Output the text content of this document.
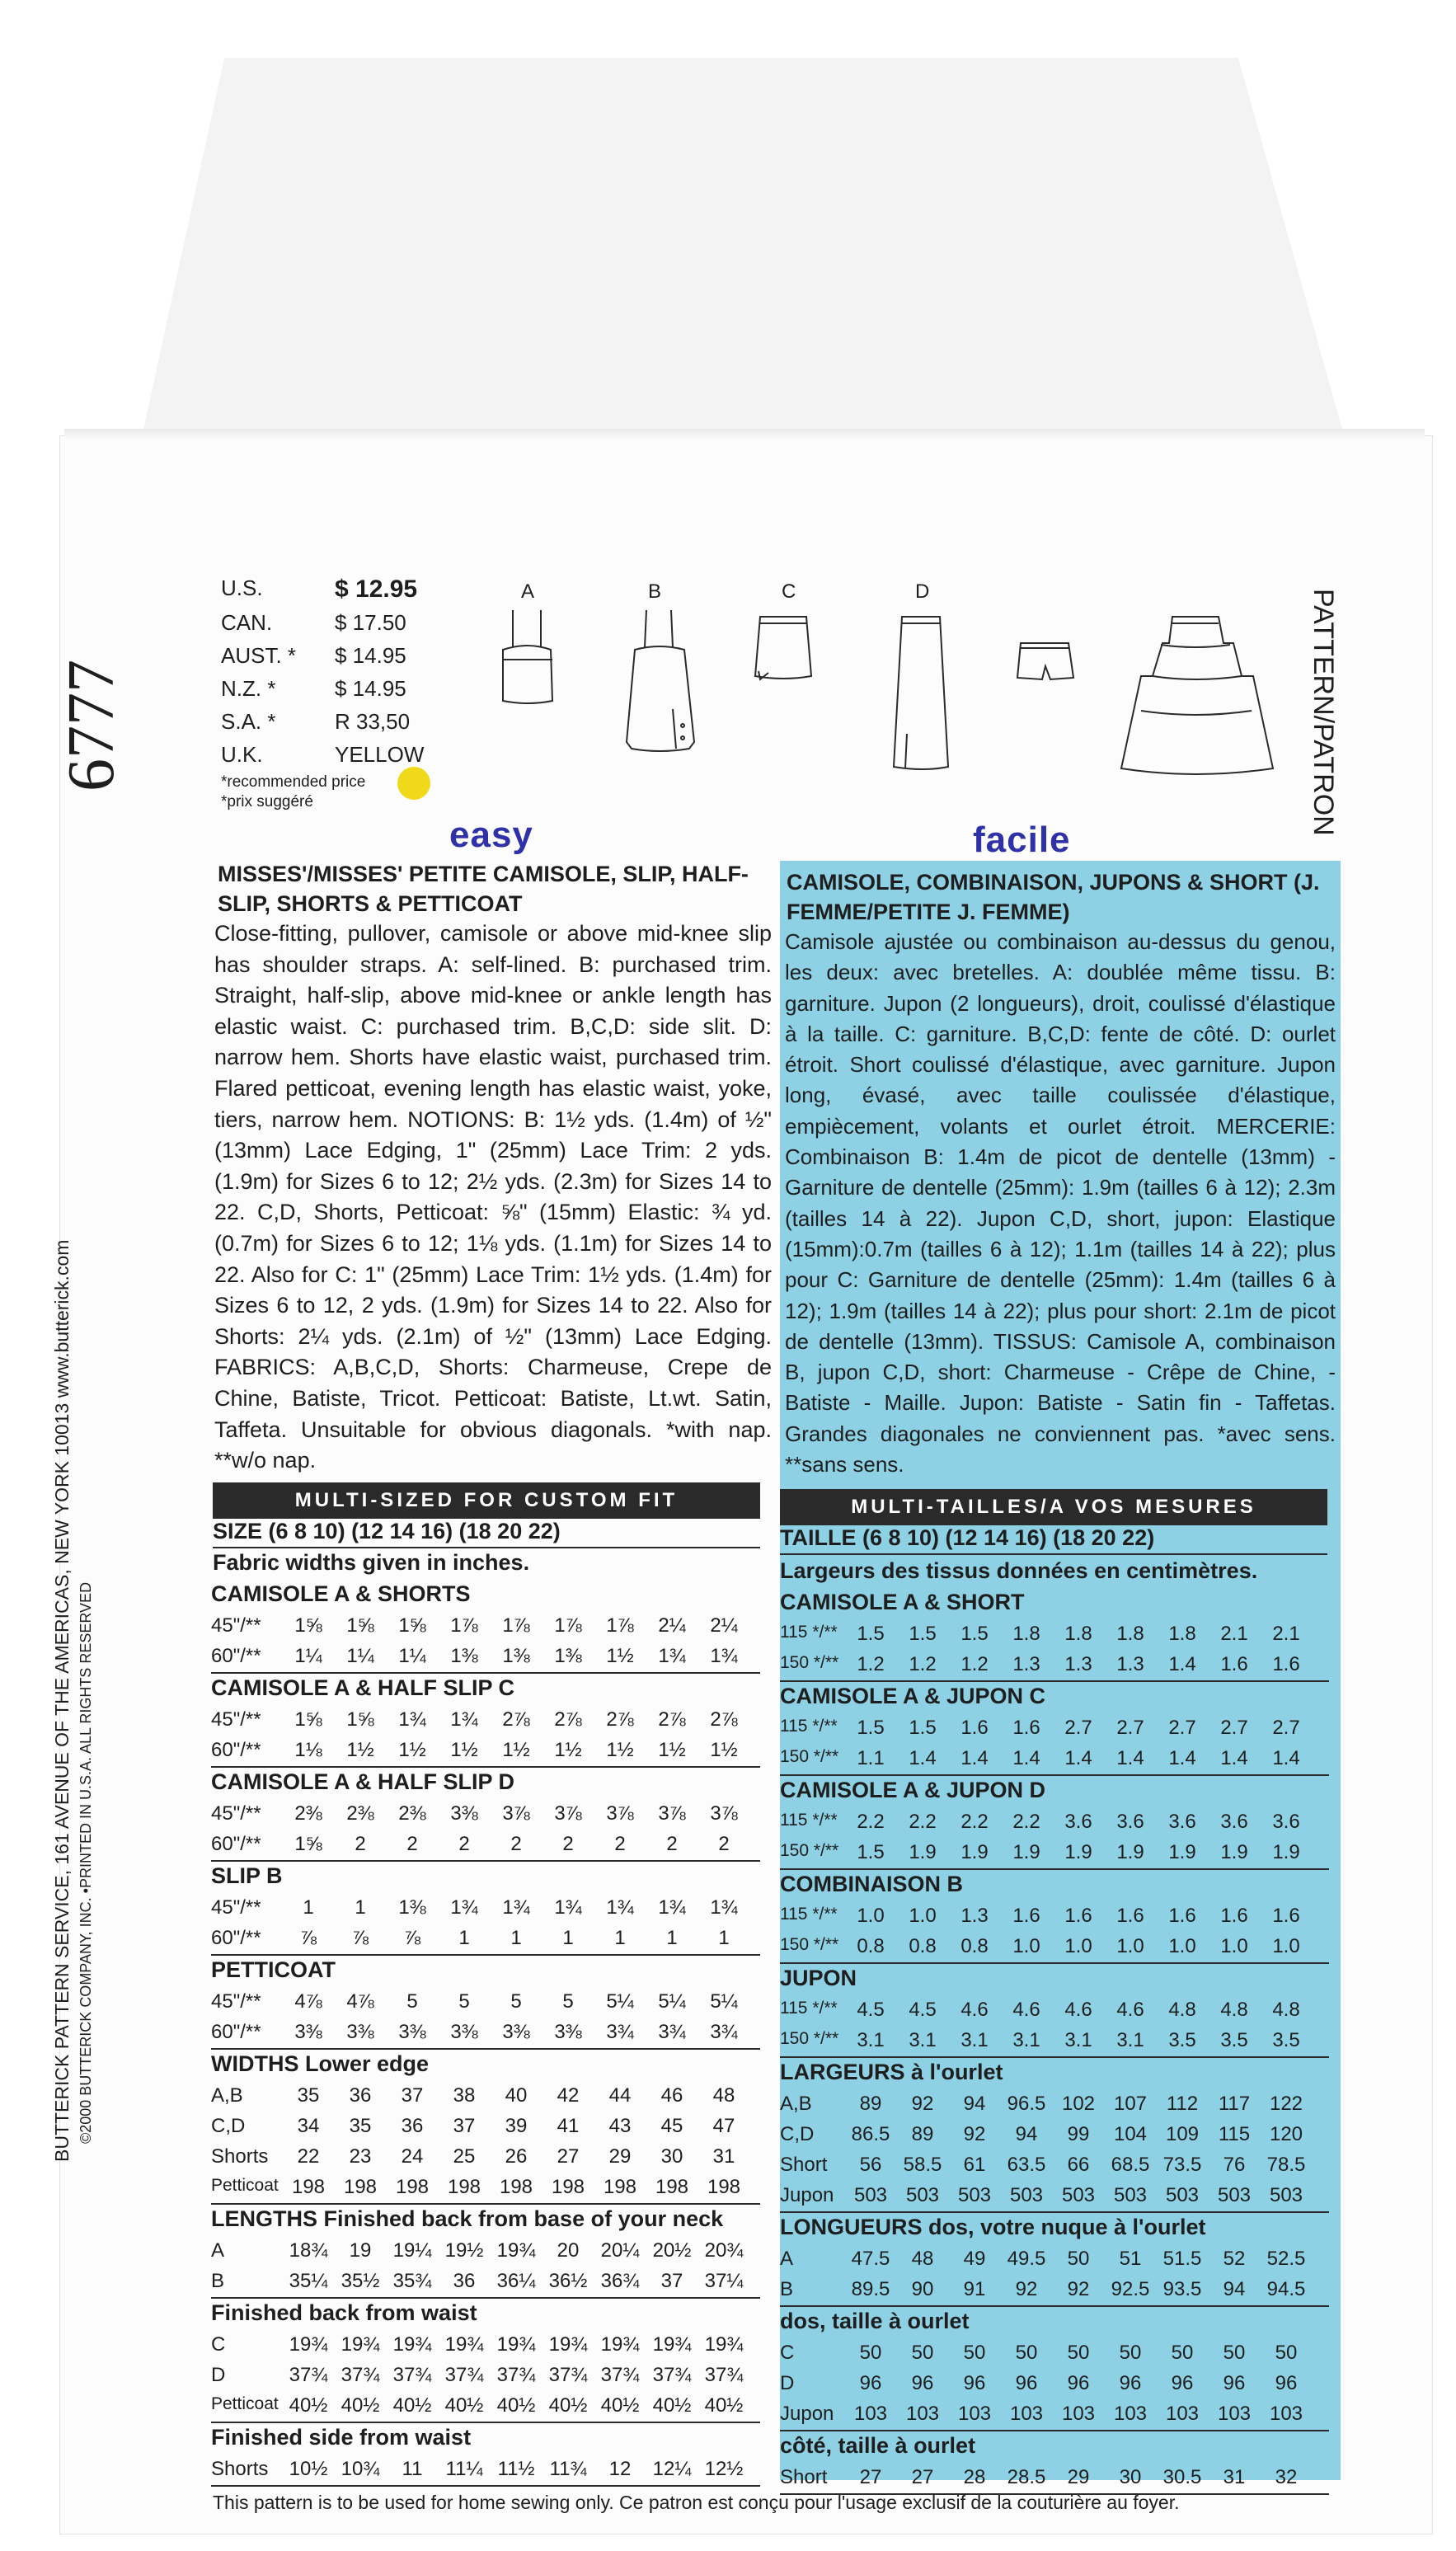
6777
BUTTERICK PATTERN SERVICE, 161 AVENUE OF THE AMERICAS, NEW YORK 10013 www.butterick.com ©2000 BUTTERICK COMPANY, INC. •PRINTED IN U.S.A. ALL RIGHTS RESERVED
PATTERN/PATRON
U.S.	$ 12.95
CAN.	$ 17.50
AUST. * $ 14.95
N.Z. *	$ 14.95
S.A. *	R 33,50
U.K.	YELLOW
*recommended price
*prix suggéré
A	B	C	D
easy	facile
MISSES'/MISSES' PETITE CAMISOLE, SLIP, HALF-SLIP, SHORTS & PETTICOAT
Close-fitting, pullover, camisole or above mid-knee slip has shoulder straps. A: self-lined. B: purchased trim. Straight, half-slip, above mid-knee or ankle length has elastic waist. C: purchased trim. B,C,D: side slit. D: narrow hem. Shorts have elastic waist, purchased trim. Flared petticoat, evening length has elastic waist, yoke, tiers, narrow hem. NOTIONS: B: 1½ yds. (1.4m) of ½" (13mm) Lace Edging, 1" (25mm) Lace Trim: 2 yds. (1.9m) for Sizes 6 to 12; 2½ yds. (2.3m) for Sizes 14 to 22. C,D, Shorts, Petticoat: ⅝" (15mm) Elastic: ¾ yd. (0.7m) for Sizes 6 to 12; 1⅛ yds. (1.1m) for Sizes 14 to 22. Also for C: 1" (25mm) Lace Trim: 1½ yds. (1.4m) for Sizes 6 to 12, 2 yds. (1.9m) for Sizes 14 to 22. Also for Shorts: 2¼ yds. (2.1m) of ½" (13mm) Lace Edging. FABRICS: A,B,C,D, Shorts: Charmeuse, Crepe de Chine, Batiste, Tricot. Petticoat: Batiste, Lt.wt. Satin, Taffeta. Unsuitable for obvious diagonals. *with nap. **w/o nap.
CAMISOLE, COMBINAISON, JUPONS & SHORT (J. FEMME/PETITE J. FEMME)
Camisole ajustée ou combinaison au-dessus du genou, les deux: avec bretelles. A: doublée même tissu. B: garniture. Jupon (2 longueurs), droit, coulissé d'élastique à la taille. C: garniture. B,C,D: fente de côté. D: ourlet étroit. Short coulissé d'élastique, avec garniture. Jupon long, évasé, avec taille coulissée d'élastique, empiècement, volants et ourlet étroit. MERCERIE: Combinaison B: 1.4m de picot de dentelle (13mm) - Garniture de dentelle (25mm): 1.9m (tailles 6 à 12); 2.3m (tailles 14 à 22). Jupon C,D, short, jupon: Elastique (15mm):0.7m (tailles 6 à 12); 1.1m (tailles 14 à 22); plus pour C: Garniture de dentelle (25mm): 1.4m (tailles 6 à 12); 1.9m (tailles 14 à 22); plus pour short: 2.1m de picot de dentelle (13mm). TISSUS: Camisole A, combinaison B, jupon C,D, short: Charmeuse - Crêpe de Chine, - Batiste - Maille. Jupon: Batiste - Satin fin - Taffetas. Grandes diagonales ne conviennent pas. *avec sens. **sans sens.
MULTI-SIZED FOR CUSTOM FIT
SIZE (6 8 10) (12 14 16) (18 20 22)
Fabric widths given in inches.
CAMISOLE A & SHORTS
45"/**	1⅝	1⅝	1⅝	1⅞	1⅞	1⅞	1⅞	2¼	2¼
60"/**	1¼	1¼	1¼	1⅜	1⅜	1⅜	1½	1¾	1¾
CAMISOLE A & HALF SLIP C
45"/**	1⅝	1⅝	1¾	1¾	2⅞	2⅞	2⅞	2⅞	2⅞
60"/**	1⅛	1½	1½	1½	1½	1½	1½	1½	1½
CAMISOLE A & HALF SLIP D
45"/**	2⅜	2⅜	2⅜	3⅜	3⅞	3⅞	3⅞	3⅞	3⅞
60"/**	1⅝	2	2	2	2	2	2	2	2
SLIP B
45"/**	1	1	1⅜	1¾	1¾	1¾	1¾	1¾	1¾
60"/**	⅞	⅞	⅞	1	1	1	1	1	1
PETTICOAT
45"/**	4⅞	4⅞	5	5	5	5	5¼	5¼	5¼
60"/**	3⅜	3⅜	3⅜	3⅜	3⅜	3⅜	3¾	3¾	3¾
WIDTHS Lower edge
A,B	35	36	37	38	40	42	44	46	48
C,D	34	35	36	37	39	41	43	45	47
Shorts	22	23	24	25	26	27	29	30	31
Petticoat 198 198 198 198 198 198 198 198 198
LENGTHS Finished back from base of your neck
A	18¾	19	19¼ 19½ 19¾	20	20¼ 20½ 20¾
B	35¼ 35½ 35¾	36	36¼ 36½ 36¾	37	37¼
Finished back from waist
C	19¾ 19¾ 19¾ 19¾ 19¾ 19¾ 19¾ 19¾ 19¾
D	37¾ 37¾ 37¾ 37¾ 37¾ 37¾ 37¾ 37¾ 37¾
Petticoat 40½ 40½ 40½ 40½ 40½ 40½ 40½ 40½ 40½
Finished side from waist
Shorts 10½ 10¾	11	11¼ 11½ 11¾	12	12¼ 12½
MULTI-TAILLES/A VOS MESURES
TAILLE (6 8 10) (12 14 16) (18 20 22)
Largeurs des tissus données en centimètres.
CAMISOLE A & SHORT
115 */** 1.5	1.5	1.5	1.8	1.8	1.8	1.8	2.1	2.1
150 */** 1.2	1.2	1.2	1.3	1.3	1.3	1.4	1.6	1.6
CAMISOLE A & JUPON C
115 */** 1.5	1.5	1.6	1.6	2.7	2.7	2.7	2.7	2.7
150 */** 1.1	1.4	1.4	1.4	1.4	1.4	1.4	1.4	1.4
CAMISOLE A & JUPON D
115 */** 2.2	2.2	2.2	2.2	3.6	3.6	3.6	3.6	3.6
150 */** 1.5	1.9	1.9	1.9	1.9	1.9	1.9	1.9	1.9
COMBINAISON B
115 */** 1.0	1.0	1.3	1.6	1.6	1.6	1.6	1.6	1.6
150 */** 0.8	0.8	0.8	1.0	1.0	1.0	1.0	1.0	1.0
JUPON
115 */** 4.5	4.5	4.6	4.6	4.6	4.6	4.8	4.8	4.8
150 */** 3.1	3.1	3.1	3.1	3.1	3.1	3.5	3.5	3.5
LARGEURS à l'ourlet
A,B	89	92	94	96.5 102 107 112 117 122
C,D 86.5	89	92	94	99	104 109 115 120
Short	56	58.5	61	63.5	66	68.5 73.5	76	78.5
Jupon 503 503 503 503 503 503 503 503 503
LONGUEURS dos, votre nuque à l'ourlet
A	47.5	48	49	49.5	50	51	51.5	52	52.5
B	89.5	90	91	92	92	92.5 93.5	94	94.5
dos, taille à ourlet
C	50	50	50	50	50	50	50	50	50
D	96	96	96	96	96	96	96	96	96
Jupon 103 103 103 103 103 103 103 103 103
côté, taille à ourlet
Short	27	27	28	28.5	29	30	30.5	31	32
This pattern is to be used for home sewing only. Ce patron est conçu pour l'usage exclusif de la couturière au foyer.
